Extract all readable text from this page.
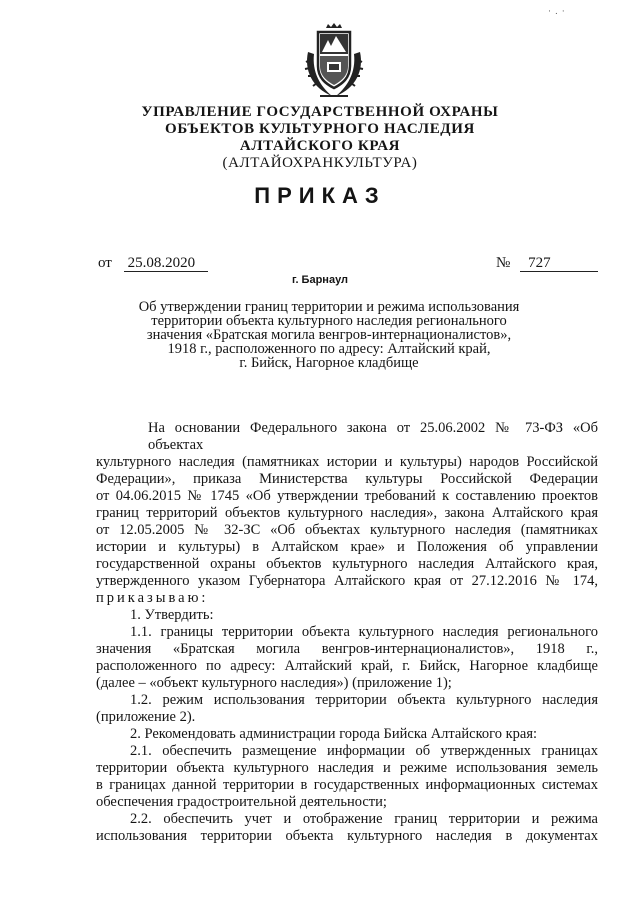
· . ·
УПРАВЛЕНИЕ ГОСУДАРСТВЕННОЙ ОХРАНЫ
ОБЪЕКТОВ КУЛЬТУРНОГО НАСЛЕДИЯ
АЛТАЙСКОГО КРАЯ
(АЛТАЙОХРАНКУЛЬТУРА)
ПРИКАЗ
от 25.08.2020	№ 727
г. Барнаул
Об утверждении границ территории и режима использования
территории объекта культурного наследия регионального
значения «Братская могила венгров-интернационалистов»,
1918 г., расположенного по адресу: Алтайский край,
г. Бийск, Нагорное кладбище

На основании Федерального закона от 25.06.2002 № 73-ФЗ «Об объектах

культурного наследия (памятниках истории и культуры) народов Российской

Федерации», приказа Министерства культуры Российской Федерации

от 04.06.2015 № 1745 «Об утверждении требований к составлению проектов

границ территорий объектов культурного наследия», закона Алтайского края

от 12.05.2005 № 32-ЗС «Об объектах культурного наследия (памятниках

истории и культуры) в Алтайском крае» и Положения об управлении

государственной охраны объектов культурного наследия Алтайского края,

утвержденного указом Губернатора Алтайского края от 27.12.2016 № 174,

приказываю:

1. Утвердить:

1.1. границы территории объекта культурного наследия регионального

значения «Братская могила венгров-интернационалистов», 1918 г.,

расположенного по адресу: Алтайский край, г. Бийск, Нагорное кладбище

(далее – «объект культурного наследия») (приложение 1);

1.2. режим использования территории объекта культурного наследия

(приложение 2).

2. Рекомендовать администрации города Бийска Алтайского края:

2.1. обеспечить размещение информации об утвержденных границах

территории объекта культурного наследия и режиме использования земель

в границах данной территории в государственных информационных системах

обеспечения градостроительной деятельности;

2.2. обеспечить учет и отображение границ территории и режима

использования территории объекта культурного наследия в документах
